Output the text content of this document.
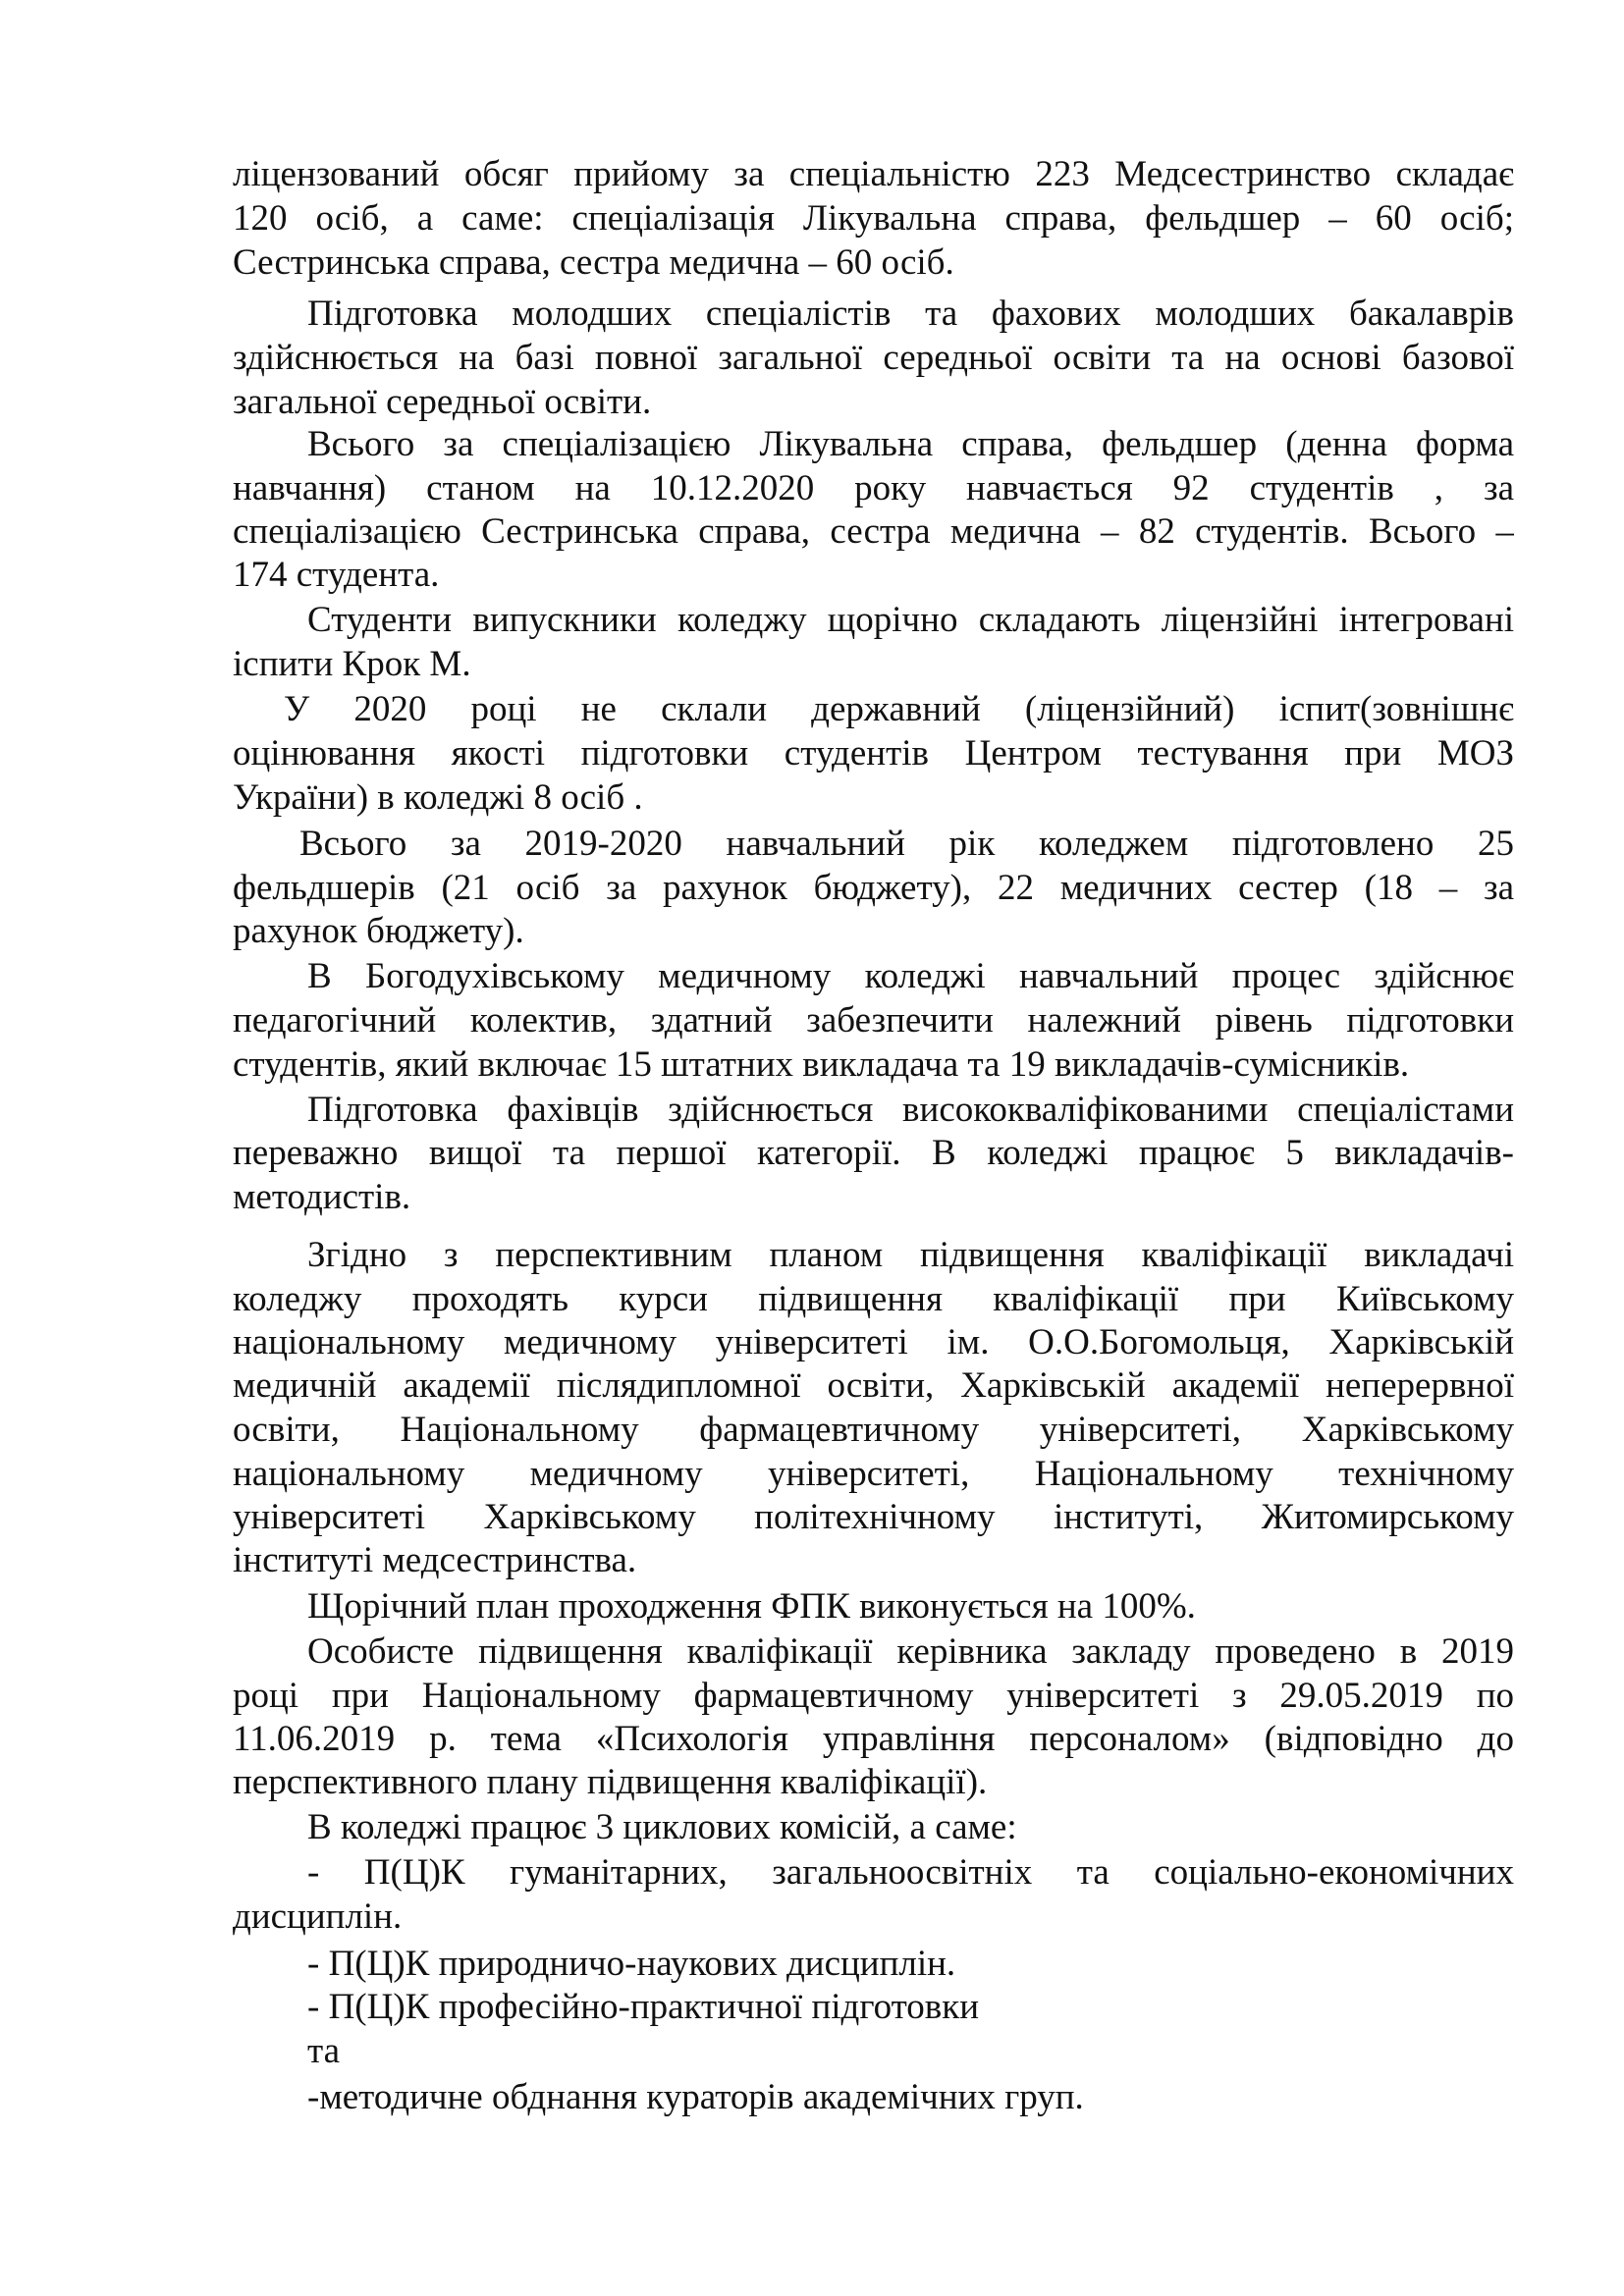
ліцензований обсяг прийому за спеціальністю 223 Медсестринство складає
120 осіб, а саме: спеціалізація Лікувальна справа, фельдшер – 60 осіб;
Сестринська справа, сестра медична – 60 осіб.
Підготовка молодших спеціалістів та фахових молодших бакалаврів
здійснюється на базі повної загальної середньої освіти та на основі базової
загальної середньої освіти.
Всього за спеціалізацією Лікувальна справа, фельдшер (денна форма
навчання) станом на 10.12.2020 року навчається 92 студентів , за
спеціалізацією Сестринська справа, сестра медична – 82 студентів. Всього –
174 студента.
Студенти випускники коледжу щорічно складають ліцензійні інтегровані
іспити Крок М.
У 2020 році не склали державний (ліцензійний) іспит(зовнішнє
оцінювання якості підготовки студентів Центром тестування при МОЗ
України) в коледжі 8 осіб .
Всього за 2019-2020 навчальний рік коледжем підготовлено 25
фельдшерів (21 осіб за рахунок бюджету), 22 медичних сестер (18 – за
рахунок бюджету).
В Богодухівському медичному коледжі навчальний процес здійснює
педагогічний колектив, здатний забезпечити належний рівень підготовки
студентів, який включає 15 штатних викладача та 19 викладачів-сумісників.
Підготовка фахівців здійснюється висококваліфікованими спеціалістами
переважно вищої та першої категорії. В коледжі працює 5 викладачів-
методистів.
Згідно з перспективним планом підвищення кваліфікації викладачі
коледжу проходять курси підвищення кваліфікації при Київському
національному медичному університеті ім. О.О.Богомольця, Харківській
медичній академії післядипломної освіти, Харківській академії неперервної
освіти, Національному фармацевтичному університеті, Харківському
національному медичному університеті, Національному технічному
університеті Харківському політехнічному інституті, Житомирському
інституті медсестринства.
Щорічний план проходження ФПК виконується на 100%.
Особисте підвищення кваліфікації керівника закладу проведено в 2019
році при Національному фармацевтичному університеті з 29.05.2019 по
11.06.2019 р. тема «Психологія управління персоналом» (відповідно до
перспективного плану підвищення кваліфікації).
В коледжі працює 3 циклових комісій, а саме:
- П(Ц)К гуманітарних, загальноосвітніх та соціально-економічних
дисциплін.
- П(Ц)К природничо-наукових дисциплін.
- П(Ц)К професійно-практичної підготовки
та
-методичне обднання кураторів академічних груп.
